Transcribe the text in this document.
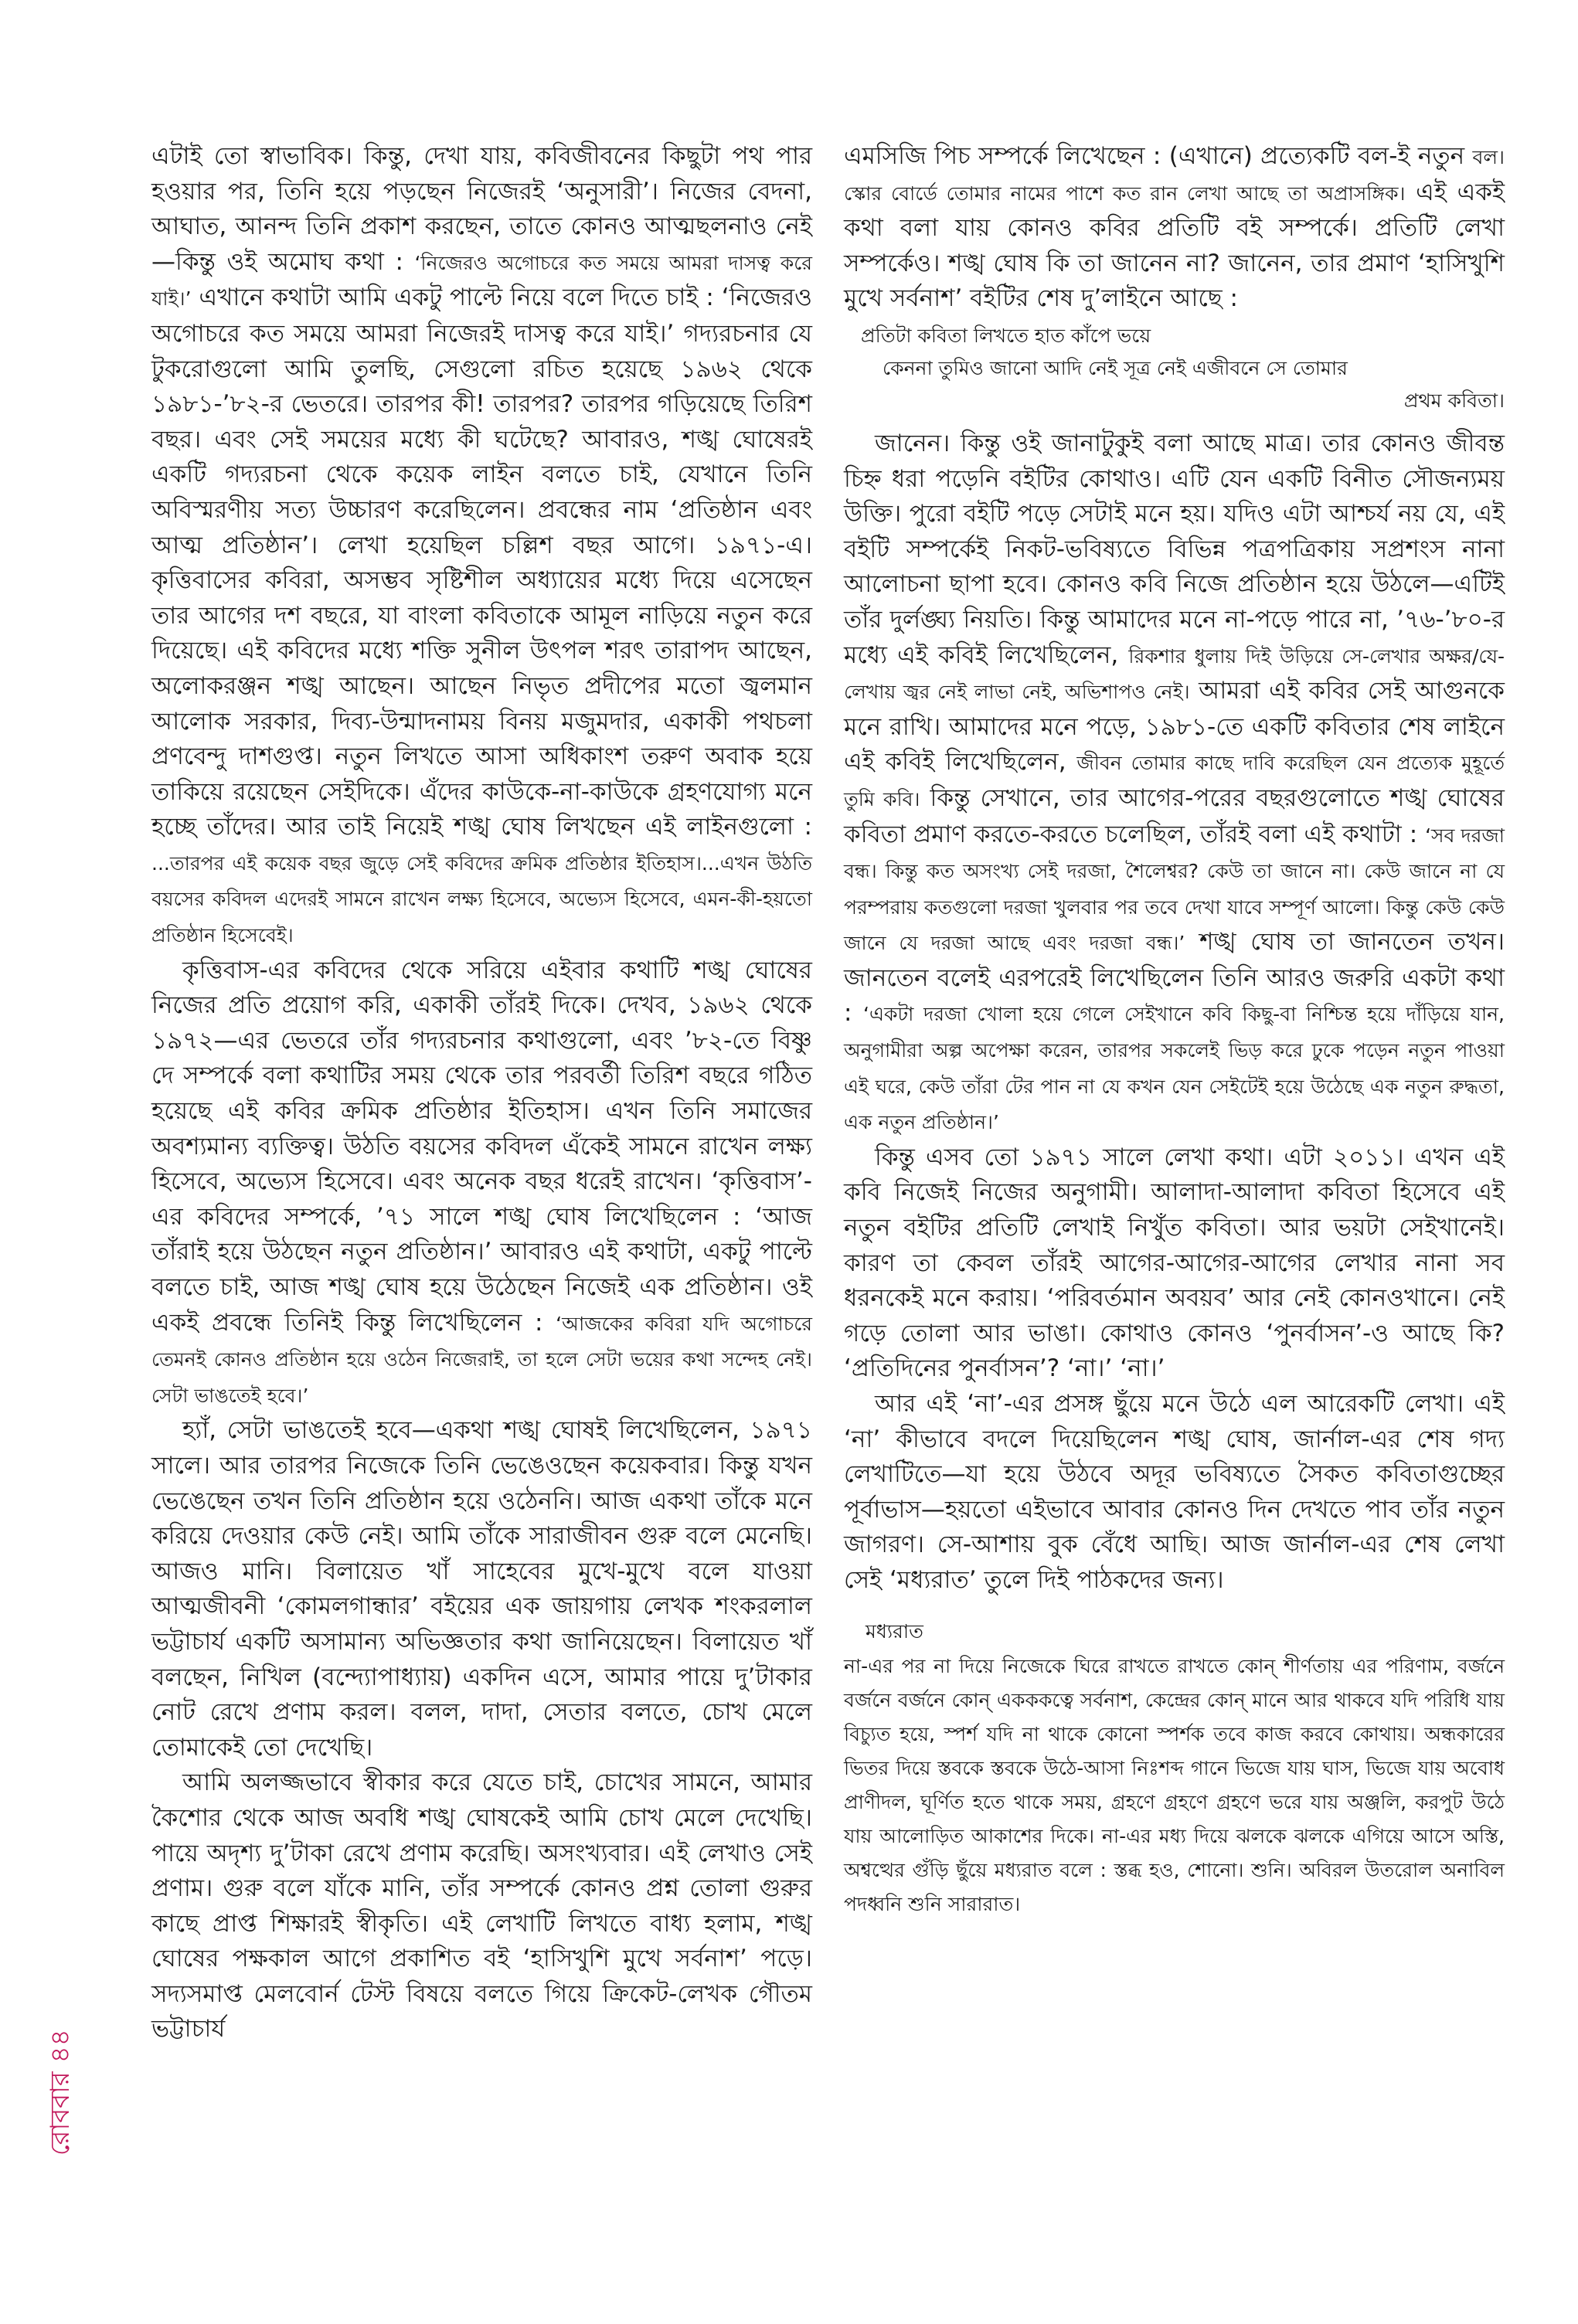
এটাই তো স্বাভাবিক। কিন্তু, দেখা যায়, কবিজীবনের কিছুটা পথ পার হওয়ার পর, তিনি হয়ে পড়ছেন নিজেরই ‘অনুসারী’। নিজের বেদনা, আঘাত, আনন্দ তিনি প্রকাশ করছেন, তাতে কোনও আত্মছলনাও নেই—কিন্তু ওই অমোঘ কথা : ‘নিজেরও অগোচরে কত সময়ে আমরা দাসত্ব করে যাই।’ এখানে কথাটা আমি একটু পাল্টে নিয়ে বলে দিতে চাই : ‘নিজেরও অগোচরে কত সময়ে আমরা নিজেরই দাসত্ব করে যাই।’ গদ্যরচনার যে টুকরোগুলো আমি তুলছি, সেগুলো রচিত হয়েছে ১৯৬২ থেকে ১৯৮১-’৮২-র ভেতরে। তারপর কী! তারপর? তারপর গড়িয়েছে তিরিশ বছর। এবং সেই সময়ের মধ্যে কী ঘটেছে? আবারও, শঙ্খ ঘোষেরই একটি গদ্যরচনা থেকে কয়েক লাইন বলতে চাই, যেখানে তিনি অবিস্মরণীয় সত্য উচ্চারণ করেছিলেন। প্রবন্ধের নাম ‘প্রতিষ্ঠান এবং আত্ম প্রতিষ্ঠান’। লেখা হয়েছিল চল্লিশ বছর আগে। ১৯৭১-এ। কৃত্তিবাসের কবিরা, অসম্ভব সৃষ্টিশীল অধ্যায়ের মধ্যে দিয়ে এসেছেন তার আগের দশ বছরে, যা বাংলা কবিতাকে আমূল নাড়িয়ে নতুন করে দিয়েছে। এই কবিদের মধ্যে শক্তি সুনীল উৎপল শরৎ তারাপদ আছেন, অলোকরঞ্জন শঙ্খ আছেন। আছেন নিভৃত প্রদীপের মতো জ্বলমান আলোক সরকার, দিব্য-উন্মাদনাময় বিনয় মজুমদার, একাকী পথচলা প্রণবেন্দু দাশগুপ্ত। নতুন লিখতে আসা অধিকাংশ তরুণ অবাক হয়ে তাকিয়ে রয়েছেন সেইদিকে। এঁদের কাউকে-না-কাউকে গ্রহণযোগ্য মনে হচ্ছে তাঁদের। আর তাই নিয়েই শঙ্খ ঘোষ লিখছেন এই লাইনগুলো : ...তারপর এই কয়েক বছর জুড়ে সেই কবিদের ক্রমিক প্রতিষ্ঠার ইতিহাস।...এখন উঠতি বয়সের কবিদল এদেরই সামনে রাখেন লক্ষ্য হিসেবে, অভ্যেস হিসেবে, এমন-কী-হয়তো প্রতিষ্ঠান হিসেবেই।

কৃত্তিবাস-এর কবিদের থেকে সরিয়ে এইবার কথাটি শঙ্খ ঘোষের নিজের প্রতি প্রয়োগ করি, একাকী তাঁরই দিকে। দেখব, ১৯৬২ থেকে ১৯৭২—এর ভেতরে তাঁর গদ্যরচনার কথাগুলো, এবং ’৮২-তে বিষ্ণু দে সম্পর্কে বলা কথাটির সময় থেকে তার পরবর্তী তিরিশ বছরে গঠিত হয়েছে এই কবির ক্রমিক প্রতিষ্ঠার ইতিহাস। এখন তিনি সমাজের অবশ্যমান্য ব্যক্তিত্ব। উঠতি বয়সের কবিদল এঁকেই সামনে রাখেন লক্ষ্য হিসেবে, অভ্যেস হিসেবে। এবং অনেক বছর ধরেই রাখেন। ‘কৃত্তিবাস’-এর কবিদের সম্পর্কে, ’৭১ সালে শঙ্খ ঘোষ লিখেছিলেন : ‘আজ তাঁরাই হয়ে উঠছেন নতুন প্রতিষ্ঠান।’ আবারও এই কথাটা, একটু পাল্টে বলতে চাই, আজ শঙ্খ ঘোষ হয়ে উঠেছেন নিজেই এক প্রতিষ্ঠান। ওই একই প্রবন্ধে তিনিই কিন্তু লিখেছিলেন : ‘আজকের কবিরা যদি অগোচরে তেমনই কোনও প্রতিষ্ঠান হয়ে ওঠেন নিজেরাই, তা হলে সেটা ভয়ের কথা সন্দেহ নেই। সেটা ভাঙতেই হবে।’

হ্যাঁ, সেটা ভাঙতেই হবে—একথা শঙ্খ ঘোষই লিখেছিলেন, ১৯৭১ সালে। আর তারপর নিজেকে তিনি ভেঙেওছেন কয়েকবার। কিন্তু যখন ভেঙেছেন তখন তিনি প্রতিষ্ঠান হয়ে ওঠেননি। আজ একথা তাঁকে মনে করিয়ে দেওয়ার কেউ নেই। আমি তাঁকে সারাজীবন গুরু বলে মেনেছি। আজও মানি। বিলায়েত খাঁ সাহেবের মুখে-মুখে বলে যাওয়া আত্মজীবনী ‘কোমলগান্ধার’ বইয়ের এক জায়গায় লেখক শংকরলাল ভট্টাচার্য একটি অসামান্য অভিজ্ঞতার কথা জানিয়েছেন। বিলায়েত খাঁ বলছেন, নিখিল (বন্দ্যোপাধ্যায়) একদিন এসে, আমার পায়ে দু’টাকার নোট রেখে প্রণাম করল। বলল, দাদা, সেতার বলতে, চোখ মেলে তোমাকেই তো দেখেছি।

আমি অলজ্জভাবে স্বীকার করে যেতে চাই, চোখের সামনে, আমার কৈশোর থেকে আজ অবধি শঙ্খ ঘোষকেই আমি চোখ মেলে দেখেছি। পায়ে অদৃশ্য দু’টাকা রেখে প্রণাম করেছি। অসংখ্যবার। এই লেখাও সেই প্রণাম। গুরু বলে যাঁকে মানি, তাঁর সম্পর্কে কোনও প্রশ্ন তোলা গুরুর কাছে প্রাপ্ত শিক্ষারই স্বীকৃতি। এই লেখাটি লিখতে বাধ্য হলাম, শঙ্খ ঘোষের পক্ষকাল আগে প্রকাশিত বই ‘হাসিখুশি মুখে সর্বনাশ’ পড়ে। সদ্যসমাপ্ত মেলবোর্ন টেস্ট বিষয়ে বলতে গিয়ে ক্রিকেট-লেখক গৌতম ভট্টাচার্য

এমসিজি পিচ সম্পর্কে লিখেছেন : (এখানে) প্রত্যেকটি বল-ই নতুন বল। স্কোর বোর্ডে তোমার নামের পাশে কত রান লেখা আছে তা অপ্রাসঙ্গিক। এই একই কথা বলা যায় কোনও কবির প্রতিটি বই সম্পর্কে। প্রতিটি লেখা সম্পর্কেও। শঙ্খ ঘোষ কি তা জানেন না? জানেন, তার প্রমাণ ‘হাসিখুশি মুখে সর্বনাশ’ বইটির শেষ দু’লাইনে আছে :

প্রতিটা কবিতা লিখতে হাত কাঁপে ভয়ে
কেননা তুমিও জানো আদি নেই সূত্র নেই এজীবনে সে তোমার
প্রথম কবিতা।

জানেন। কিন্তু ওই জানাটুকুই বলা আছে মাত্র। তার কোনও জীবন্ত চিহ্ন ধরা পড়েনি বইটির কোথাও। এটি যেন একটি বিনীত সৌজন্যময় উক্তি। পুরো বইটি পড়ে সেটাই মনে হয়। যদিও এটা আশ্চর্য নয় যে, এই বইটি সম্পর্কেই নিকট-ভবিষ্যতে বিভিন্ন পত্রপত্রিকায় সপ্রশংস নানা আলোচনা ছাপা হবে। কোনও কবি নিজে প্রতিষ্ঠান হয়ে উঠলে—এটিই তাঁর দুর্লঙ্ঘ্য নিয়তি। কিন্তু আমাদের মনে না-পড়ে পারে না, ’৭৬-’৮০-র মধ্যে এই কবিই লিখেছিলেন, রিকশার ধুলায় দিই উড়িয়ে সে-লেখার অক্ষর/যে-লেখায় জ্বর নেই লাভা নেই, অভিশাপও নেই। আমরা এই কবির সেই আগুনকে মনে রাখি। আমাদের মনে পড়ে, ১৯৮১-তে একটি কবিতার শেষ লাইনে এই কবিই লিখেছিলেন, জীবন তোমার কাছে দাবি করেছিল যেন প্রত্যেক মুহূর্তে তুমি কবি। কিন্তু সেখানে, তার আগের-পরের বছরগুলোতে শঙ্খ ঘোষের কবিতা প্রমাণ করতে-করতে চলেছিল, তাঁরই বলা এই কথাটা : ‘সব দরজা বন্ধ। কিন্তু কত অসংখ্য সেই দরজা, শৈলেশ্বর? কেউ তা জানে না। কেউ জানে না যে পরম্পরায় কতগুলো দরজা খুলবার পর তবে দেখা যাবে সম্পূর্ণ আলো। কিন্তু কেউ কেউ জানে যে দরজা আছে এবং দরজা বন্ধ।’ শঙ্খ ঘোষ তা জানতেন তখন। জানতেন বলেই এরপরেই লিখেছিলেন তিনি আরও জরুরি একটা কথা : ‘একটা দরজা খোলা হয়ে গেলে সেইখানে কবি কিছু-বা নিশ্চিন্ত হয়ে দাঁড়িয়ে যান, অনুগামীরা অল্প অপেক্ষা করেন, তারপর সকলেই ভিড় করে ঢুকে পড়েন নতুন পাওয়া এই ঘরে, কেউ তাঁরা টের পান না যে কখন যেন সেইটেই হয়ে উঠেছে এক নতুন রুদ্ধতা, এক নতুন প্রতিষ্ঠান।’

কিন্তু এসব তো ১৯৭১ সালে লেখা কথা। এটা ২০১১। এখন এই কবি নিজেই নিজের অনুগামী। আলাদা-আলাদা কবিতা হিসেবে এই নতুন বইটির প্রতিটি লেখাই নিখুঁত কবিতা। আর ভয়টা সেইখানেই। কারণ তা কেবল তাঁরই আগের-আগের-আগের লেখার নানা সব ধরনকেই মনে করায়। ‘পরিবর্তমান অবয়ব’ আর নেই কোনওখানে। নেই গড়ে তোলা আর ভাঙা। কোথাও কোনও ‘পুনর্বাসন’-ও আছে কি? ‘প্রতিদিনের পুনর্বাসন’? ‘না।’ ‘না।’

আর এই ‘না’-এর প্রসঙ্গ ছুঁয়ে মনে উঠে এল আরেকটি লেখা। এই ‘না’ কীভাবে বদলে দিয়েছিলেন শঙ্খ ঘোষ, জার্নাল-এর শেষ গদ্য লেখাটিতে—যা হয়ে উঠবে অদূর ভবিষ্যতে সৈকত কবিতাগুচ্ছের পূর্বাভাস—হয়তো এইভাবে আবার কোনও দিন দেখতে পাব তাঁর নতুন জাগরণ। সে-আশায় বুক বেঁধে আছি। আজ জার্নাল-এর শেষ লেখা সেই ‘মধ্যরাত’ তুলে দিই পাঠকদের জন্য।

মধ্যরাত

না-এর পর না দিয়ে নিজেকে ঘিরে রাখতে রাখতে কোন্ শীর্ণতায় এর পরিণাম, বর্জনে বর্জনে বর্জনে কোন্ একককত্বে সর্বনাশ, কেন্দ্রের কোন্ মানে আর থাকবে যদি পরিধি যায় বিচ্যুত হয়ে, স্পর্শ যদি না থাকে কোনো স্পর্শক তবে কাজ করবে কোথায়। অন্ধকারের ভিতর দিয়ে স্তবকে স্তবকে উঠে-আসা নিঃশব্দ গানে ভিজে যায় ঘাস, ভিজে যায় অবোধ প্রাণীদল, ঘূর্ণিত হতে থাকে সময়, গ্রহণে গ্রহণে গ্রহণে ভরে যায় অঞ্জলি, করপুট উঠে যায় আলোড়িত আকাশের দিকে। না-এর মধ্য দিয়ে ঝলকে ঝলকে এগিয়ে আসে অস্তি, অশ্বত্থের গুঁড়ি ছুঁয়ে মধ্যরাত বলে : স্তব্ধ হও, শোনো। শুনি। অবিরল উতরোল অনাবিল পদধ্বনি শুনি সারারাত।

রোববার ৪৪
